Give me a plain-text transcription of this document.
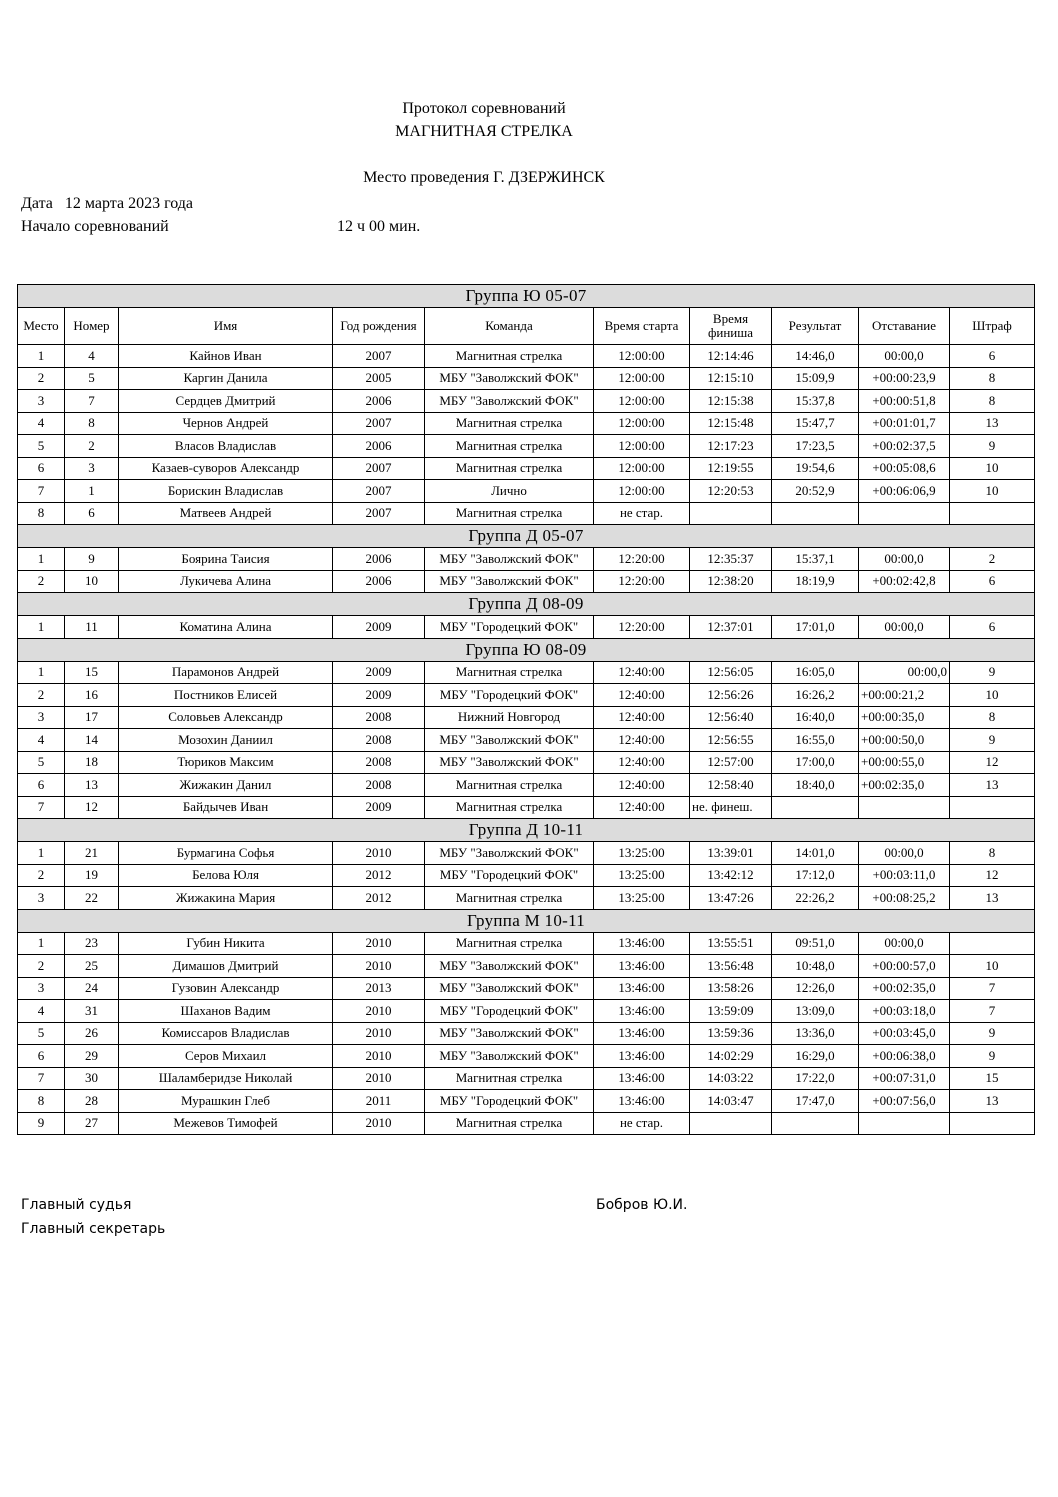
Протокол соревнований
МАГНИТНАЯ СТРЕЛКА
Место проведения Г. ДЗЕРЖИНСК
Дата   12 марта 2023 года
Начало соревнований	12 ч 00 мин.
Группа Ю 05-07									
Место	Номер	Имя	Год рождения	Команда	Время старта	Время финиша	Результат	Отставание	Штраф
1	4	Кайнов Иван	2007	Магнитная стрелка	12:00:00	12:14:46	14:46,0	00:00,0	6
2	5	Каргин Данила	2005	МБУ "Заволжский ФОК"	12:00:00	12:15:10	15:09,9	+00:00:23,9	8
3	7	Сердцев Дмитрий	2006	МБУ "Заволжский ФОК"	12:00:00	12:15:38	15:37,8	+00:00:51,8	8
4	8	Чернов Андрей	2007	Магнитная стрелка	12:00:00	12:15:48	15:47,7	+00:01:01,7	13
5	2	Власов Владислав	2006	Магнитная стрелка	12:00:00	12:17:23	17:23,5	+00:02:37,5	9
6	3	Казаев-суворов Александр	2007	Магнитная стрелка	12:00:00	12:19:55	19:54,6	+00:05:08,6	10
7	1	Борискин Владислав	2007	Лично	12:00:00	12:20:53	20:52,9	+00:06:06,9	10
8	6	Матвеев Андрей	2007	Магнитная стрелка	не стар.				
Группа Д 05-07									
1	9	Боярина Таисия	2006	МБУ "Заволжский ФОК"	12:20:00	12:35:37	15:37,1	00:00,0	2
2	10	Лукичева Алина	2006	МБУ "Заволжский ФОК"	12:20:00	12:38:20	18:19,9	+00:02:42,8	6
Группа Д 08-09									
1	11	Коматина Алина	2009	МБУ "Городецкий ФОК"	12:20:00	12:37:01	17:01,0	00:00,0	6
Группа Ю 08-09									
1	15	Парамонов Андрей	2009	Магнитная стрелка	12:40:00	12:56:05	16:05,0	00:00,0	9
2	16	Постников Елисей	2009	МБУ "Городецкий ФОК"	12:40:00	12:56:26	16:26,2	+00:00:21,2	10
3	17	Соловьев Александр	2008	Нижний Новгород	12:40:00	12:56:40	16:40,0	+00:00:35,0	8
4	14	Мозохин Даниил	2008	МБУ "Заволжский ФОК"	12:40:00	12:56:55	16:55,0	+00:00:50,0	9
5	18	Тюриков Максим	2008	МБУ "Заволжский ФОК"	12:40:00	12:57:00	17:00,0	+00:00:55,0	12
6	13	Жижакин Данил	2008	Магнитная стрелка	12:40:00	12:58:40	18:40,0	+00:02:35,0	13
7	12	Байдычев Иван	2009	Магнитная стрелка	12:40:00	не. финеш.			
Группа Д 10-11									
1	21	Бурмагина Софья	2010	МБУ "Заволжский ФОК"	13:25:00	13:39:01	14:01,0	00:00,0	8
2	19	Белова Юля	2012	МБУ "Городецкий ФОК"	13:25:00	13:42:12	17:12,0	+00:03:11,0	12
3	22	Жижакина Мария	2012	Магнитная стрелка	13:25:00	13:47:26	22:26,2	+00:08:25,2	13
Группа М 10-11									
1	23	Губин Никита	2010	Магнитная стрелка	13:46:00	13:55:51	09:51,0	00:00,0	
2	25	Димашов Дмитрий	2010	МБУ "Заволжский ФОК"	13:46:00	13:56:48	10:48,0	+00:00:57,0	10
3	24	Гузовин Александр	2013	МБУ "Заволжский ФОК"	13:46:00	13:58:26	12:26,0	+00:02:35,0	7
4	31	Шаханов Вадим	2010	МБУ "Городецкий ФОК"	13:46:00	13:59:09	13:09,0	+00:03:18,0	7
5	26	Комиссаров Владислав	2010	МБУ "Заволжский ФОК"	13:46:00	13:59:36	13:36,0	+00:03:45,0	9
6	29	Серов Михаил	2010	МБУ "Заволжский ФОК"	13:46:00	14:02:29	16:29,0	+00:06:38,0	9
7	30	Шаламберидзе Николай	2010	Магнитная стрелка	13:46:00	14:03:22	17:22,0	+00:07:31,0	15
8	28	Мурашкин Глеб	2011	МБУ "Городецкий ФОК"	13:46:00	14:03:47	17:47,0	+00:07:56,0	13
9	27	Межевов Тимофей	2010	Магнитная стрелка	не стар.				
Главный судья	Бобров Ю.И.
Главный секретарь
